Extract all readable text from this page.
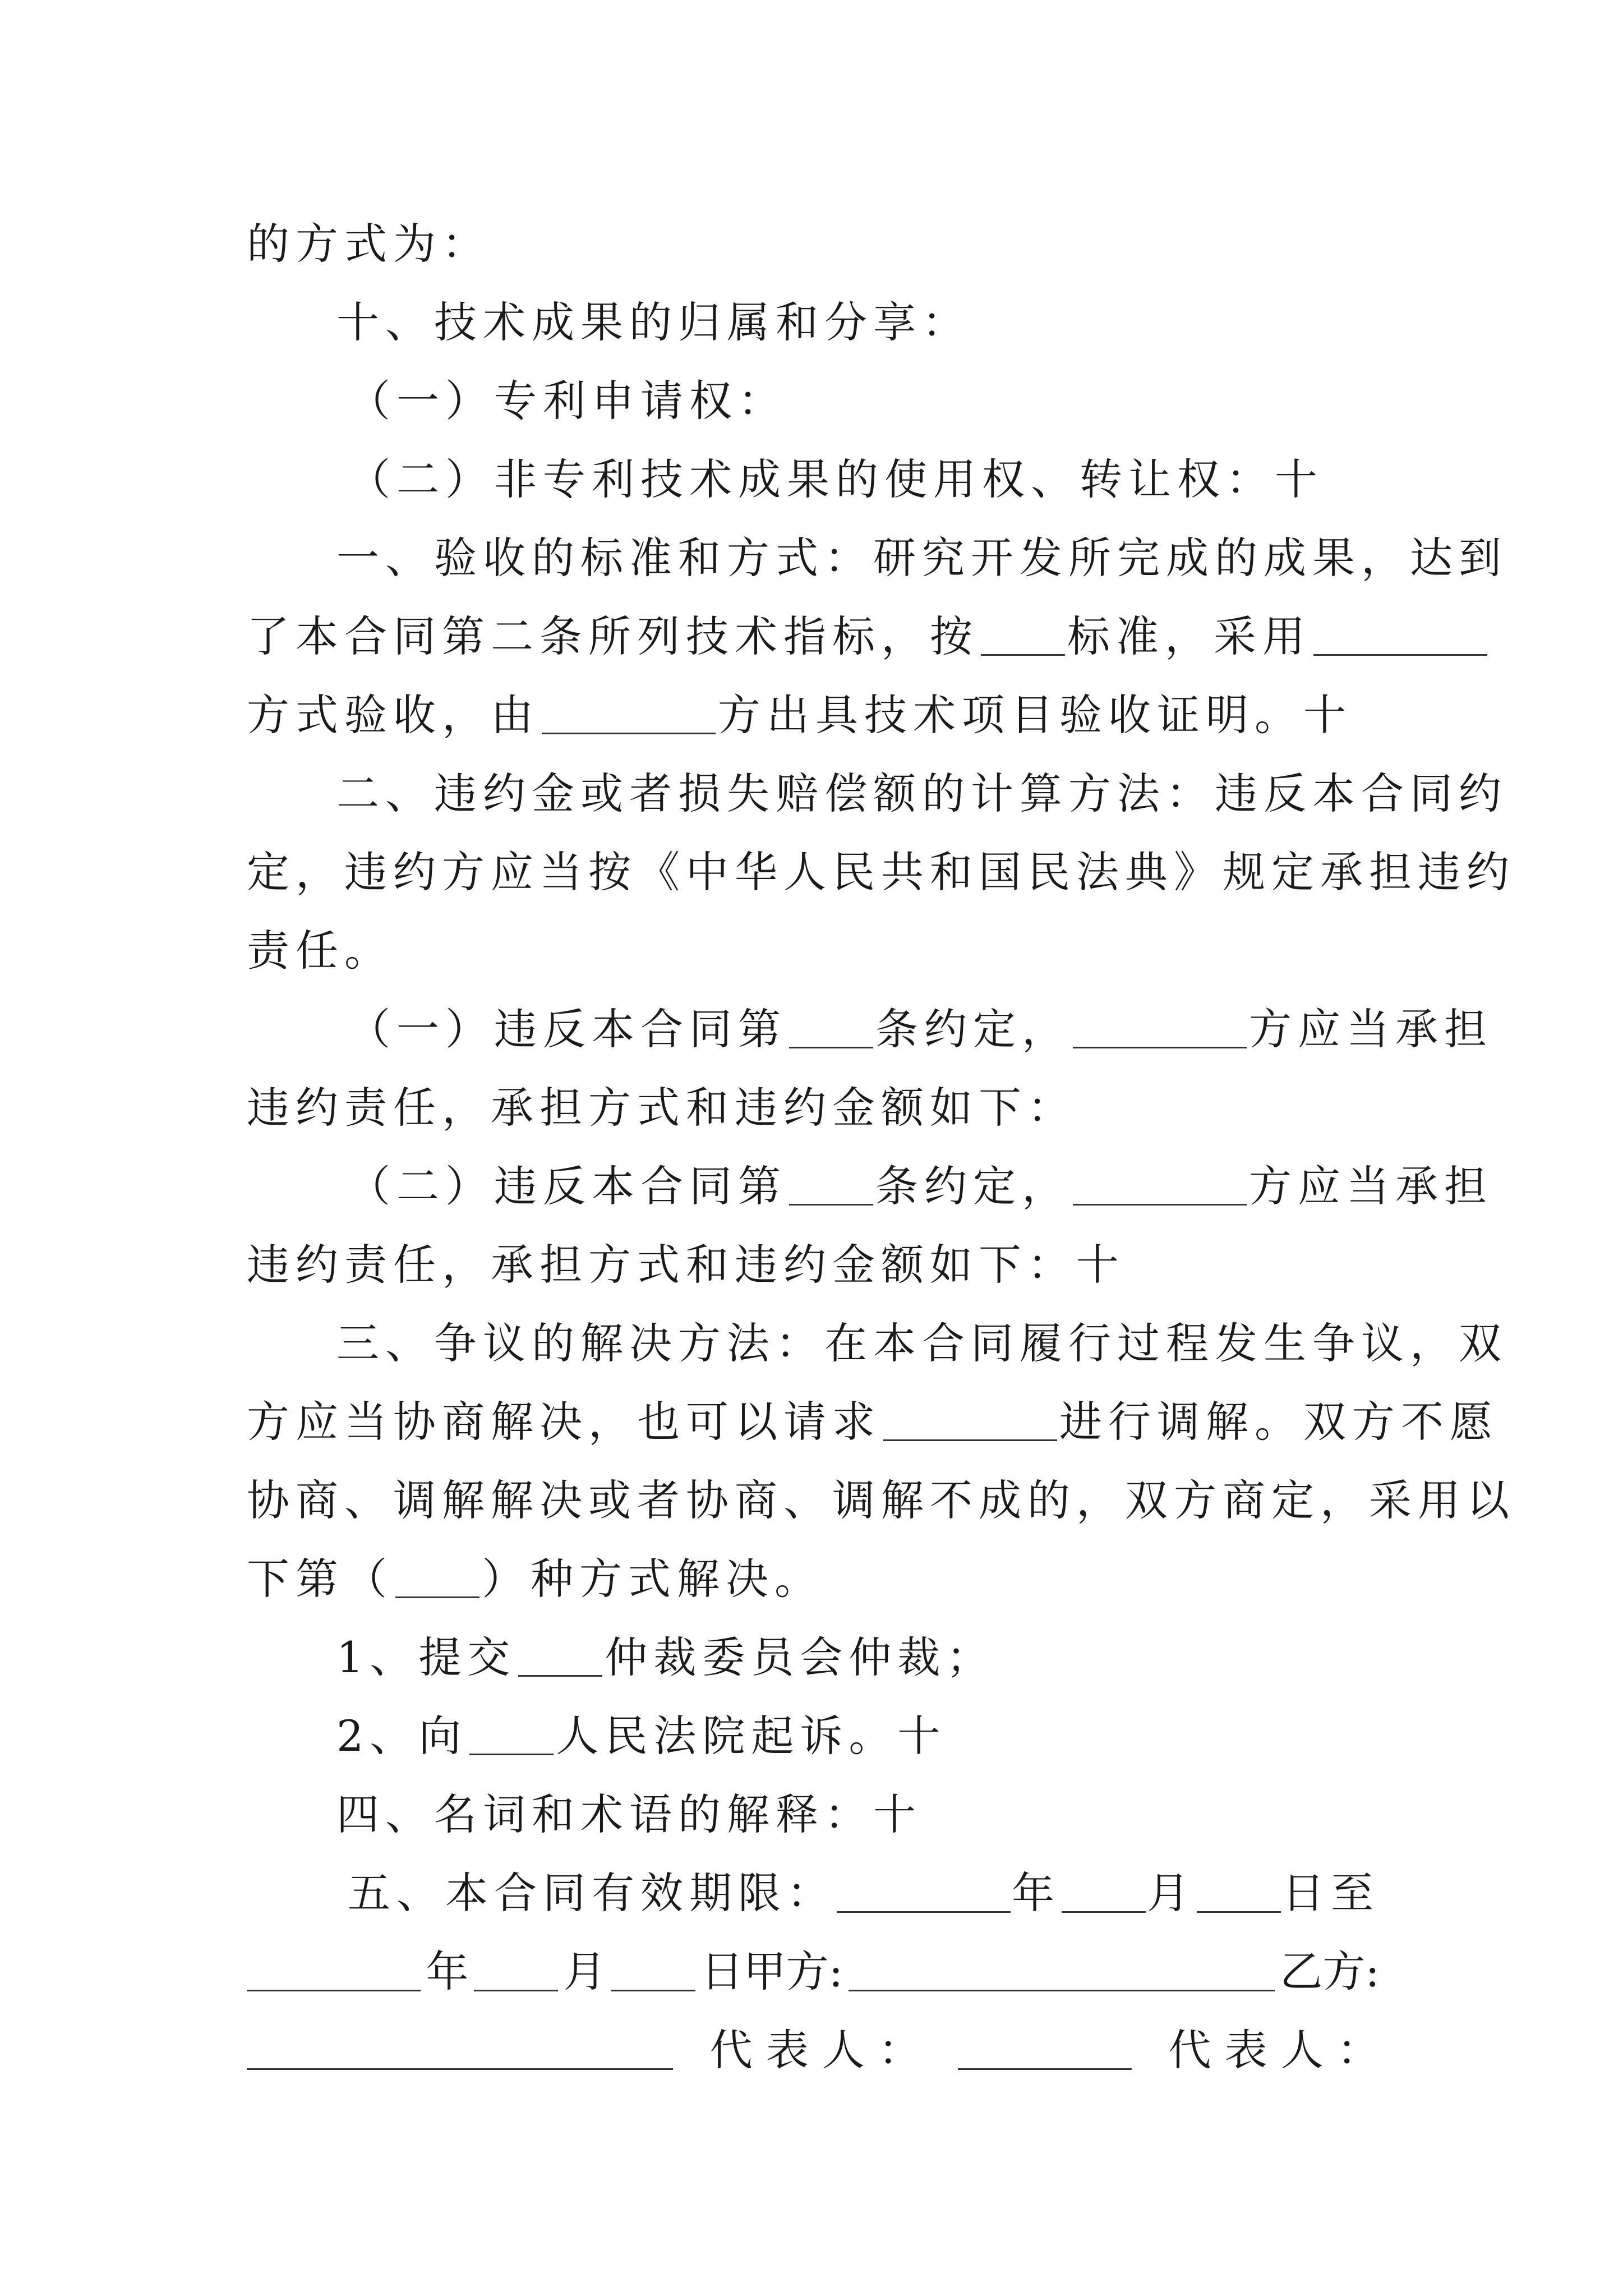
的方式为：
十、技术成果的归属和分享：
（一）专利申请权：
（二）非专利技术成果的使用权、转让权：十
一、验收的标准和方式：研究开发所完成的成果，达到
了本合同第二条所列技术指标，按 标准，采用
方式验收，由	方出具技术项目验收证明。十
二、违约金或者损失赔偿额的计算方法：违反本合同约
定，违约方应当按《中华人民共和国民法典》规定承担违约
责任。
（一）违反本合同第 条约定，	方应当承担
违约责任，承担方式和违约金额如下：
（二）违反本合同第 条约定，	方应当承担
违约责任，承担方式和违约金额如下：十
三、争议的解决方法：在本合同履行过程发生争议，双
方应当协商解决，也可以请求	进行调解。双方不愿
协商、调解解决或者协商、调解不成的，双方商定，采用以
下第（ ）种方式解决。
1、提交 仲裁委员会仲裁；
2、向 人民法院起诉。十
四、名词和术语的解释：十
五、本合同有效期限：	年 月 日至
年 月 日甲方:	乙方:
代 表 人 ：	代 表 人 ：
